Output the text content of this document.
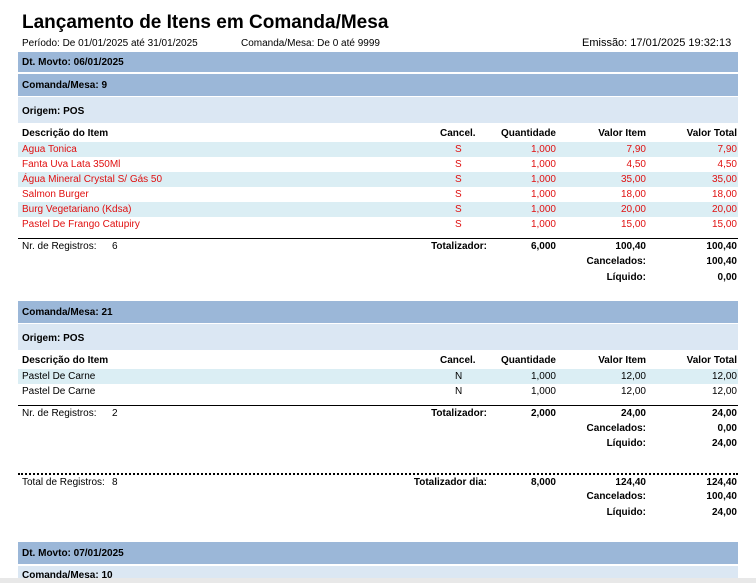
Lançamento de Itens em Comanda/Mesa
Período: De 01/01/2025 até 31/01/2025	Comanda/Mesa: De 0 até 9999	Emissão: 17/01/2025 19:32:13
Dt. Movto: 06/01/2025
Comanda/Mesa: 9
Origem: POS
Descrição do Item	Cancel.	Quantidade	Valor Item	Valor Total
Agua Tonica	S	1,000	7,90	7,90
Fanta Uva Lata 350Ml	S	1,000	4,50	4,50
Água Mineral Crystal S/ Gás 50	S	1,000	35,00	35,00
Salmon Burger	S	1,000	18,00	18,00
Burg Vegetariano (Kdsa)	S	1,000	20,00	20,00
Pastel De Frango Catupiry	S	1,000	15,00	15,00
Nr. de Registros: 6	Totalizador:	6,000	100,40	100,40
Cancelados:	100,40
Líquido:	0,00
Comanda/Mesa: 21
Origem: POS
Descrição do Item	Cancel.	Quantidade	Valor Item	Valor Total
Pastel De Carne	N	1,000	12,00	12,00
Pastel De Carne	N	1,000	12,00	12,00
Nr. de Registros: 2	Totalizador:	2,000	24,00	24,00
Cancelados:	0,00
Líquido:	24,00
Total de Registros: 8	Totalizador dia:	8,000	124,40	124,40
Cancelados:	100,40
Líquido:	24,00
Dt. Movto: 07/01/2025
Comanda/Mesa: 10
